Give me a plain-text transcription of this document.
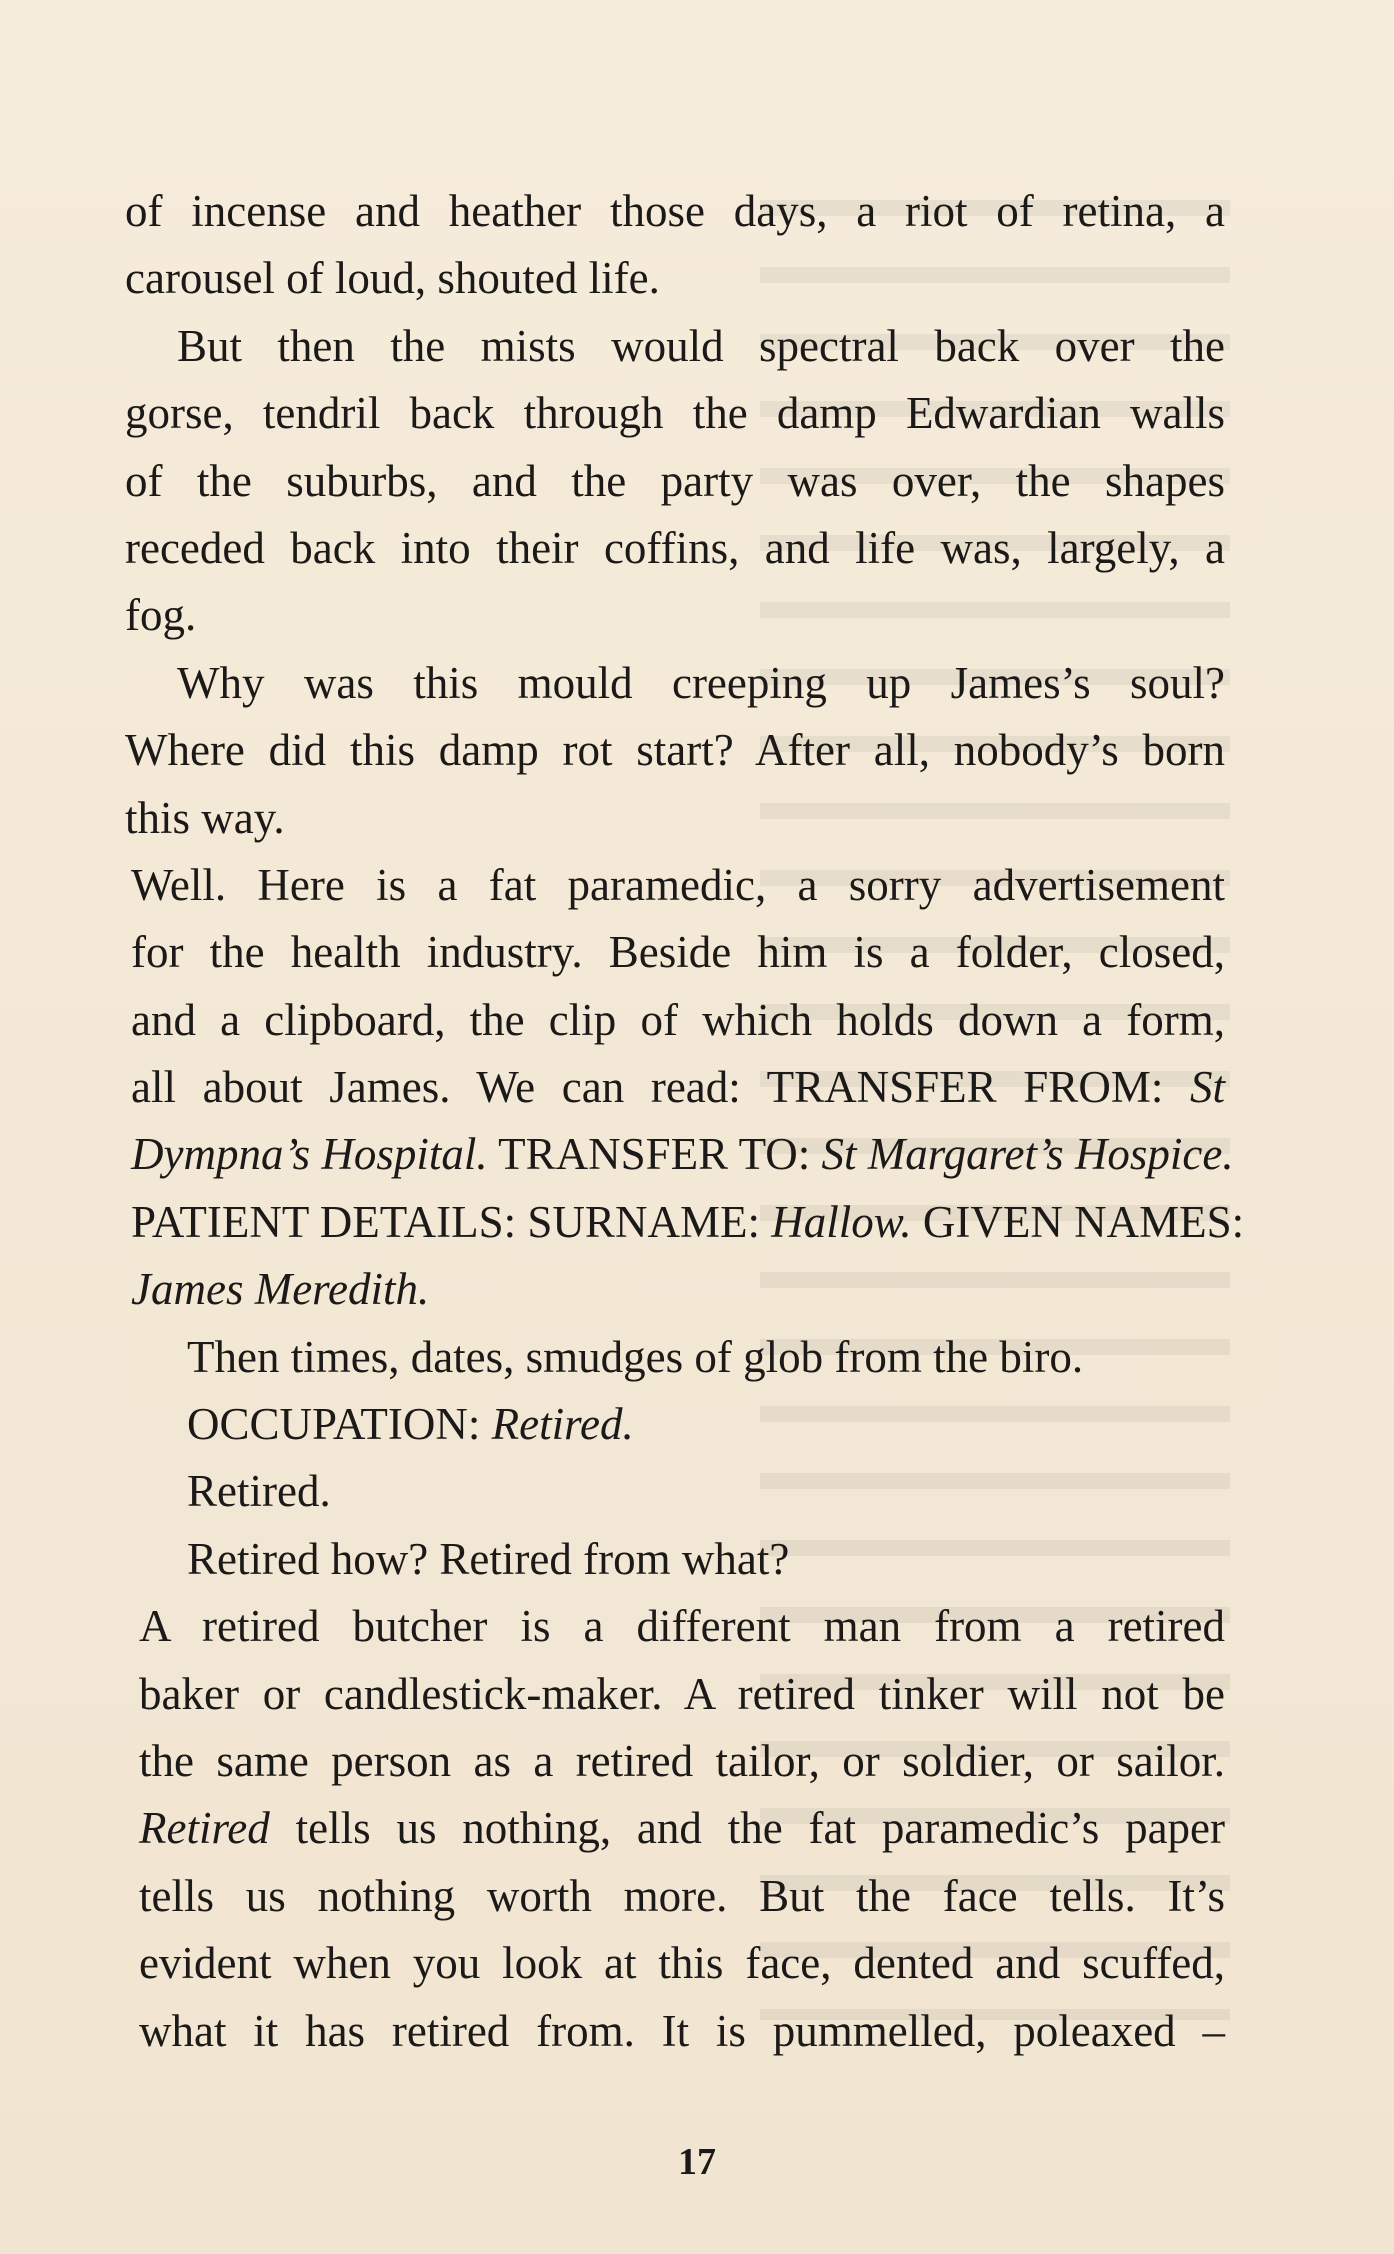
of incense and heather those days, a riot of retina, a
carousel of loud, shouted life.
But then the mists would spectral back over the
gorse, tendril back through the damp Edwardian walls
of the suburbs, and the party was over, the shapes
receded back into their coffins, and life was, largely, a
fog.
Why was this mould creeping up James’s soul?
Where did this damp rot start? After all, nobody’s born
this way.
Well. Here is a fat paramedic, a sorry advertisement
for the health industry. Beside him is a folder, closed,
and a clipboard, the clip of which holds down a form,
all about James. We can read: TRANSFER FROM: St
Dympna’s Hospital. TRANSFER TO: St Margaret’s Hospice.
PATIENT DETAILS: SURNAME: Hallow. GIVEN NAMES:
James Meredith.
Then times, dates, smudges of glob from the biro.
OCCUPATION: Retired.
Retired.
Retired how? Retired from what?
A retired butcher is a different man from a retired
baker or candlestick-maker. A retired tinker will not be
the same person as a retired tailor, or soldier, or sailor.
Retired tells us nothing, and the fat paramedic’s paper
tells us nothing worth more. But the face tells. It’s
evident when you look at this face, dented and scuffed,
what it has retired from. It is pummelled, poleaxed –
17
